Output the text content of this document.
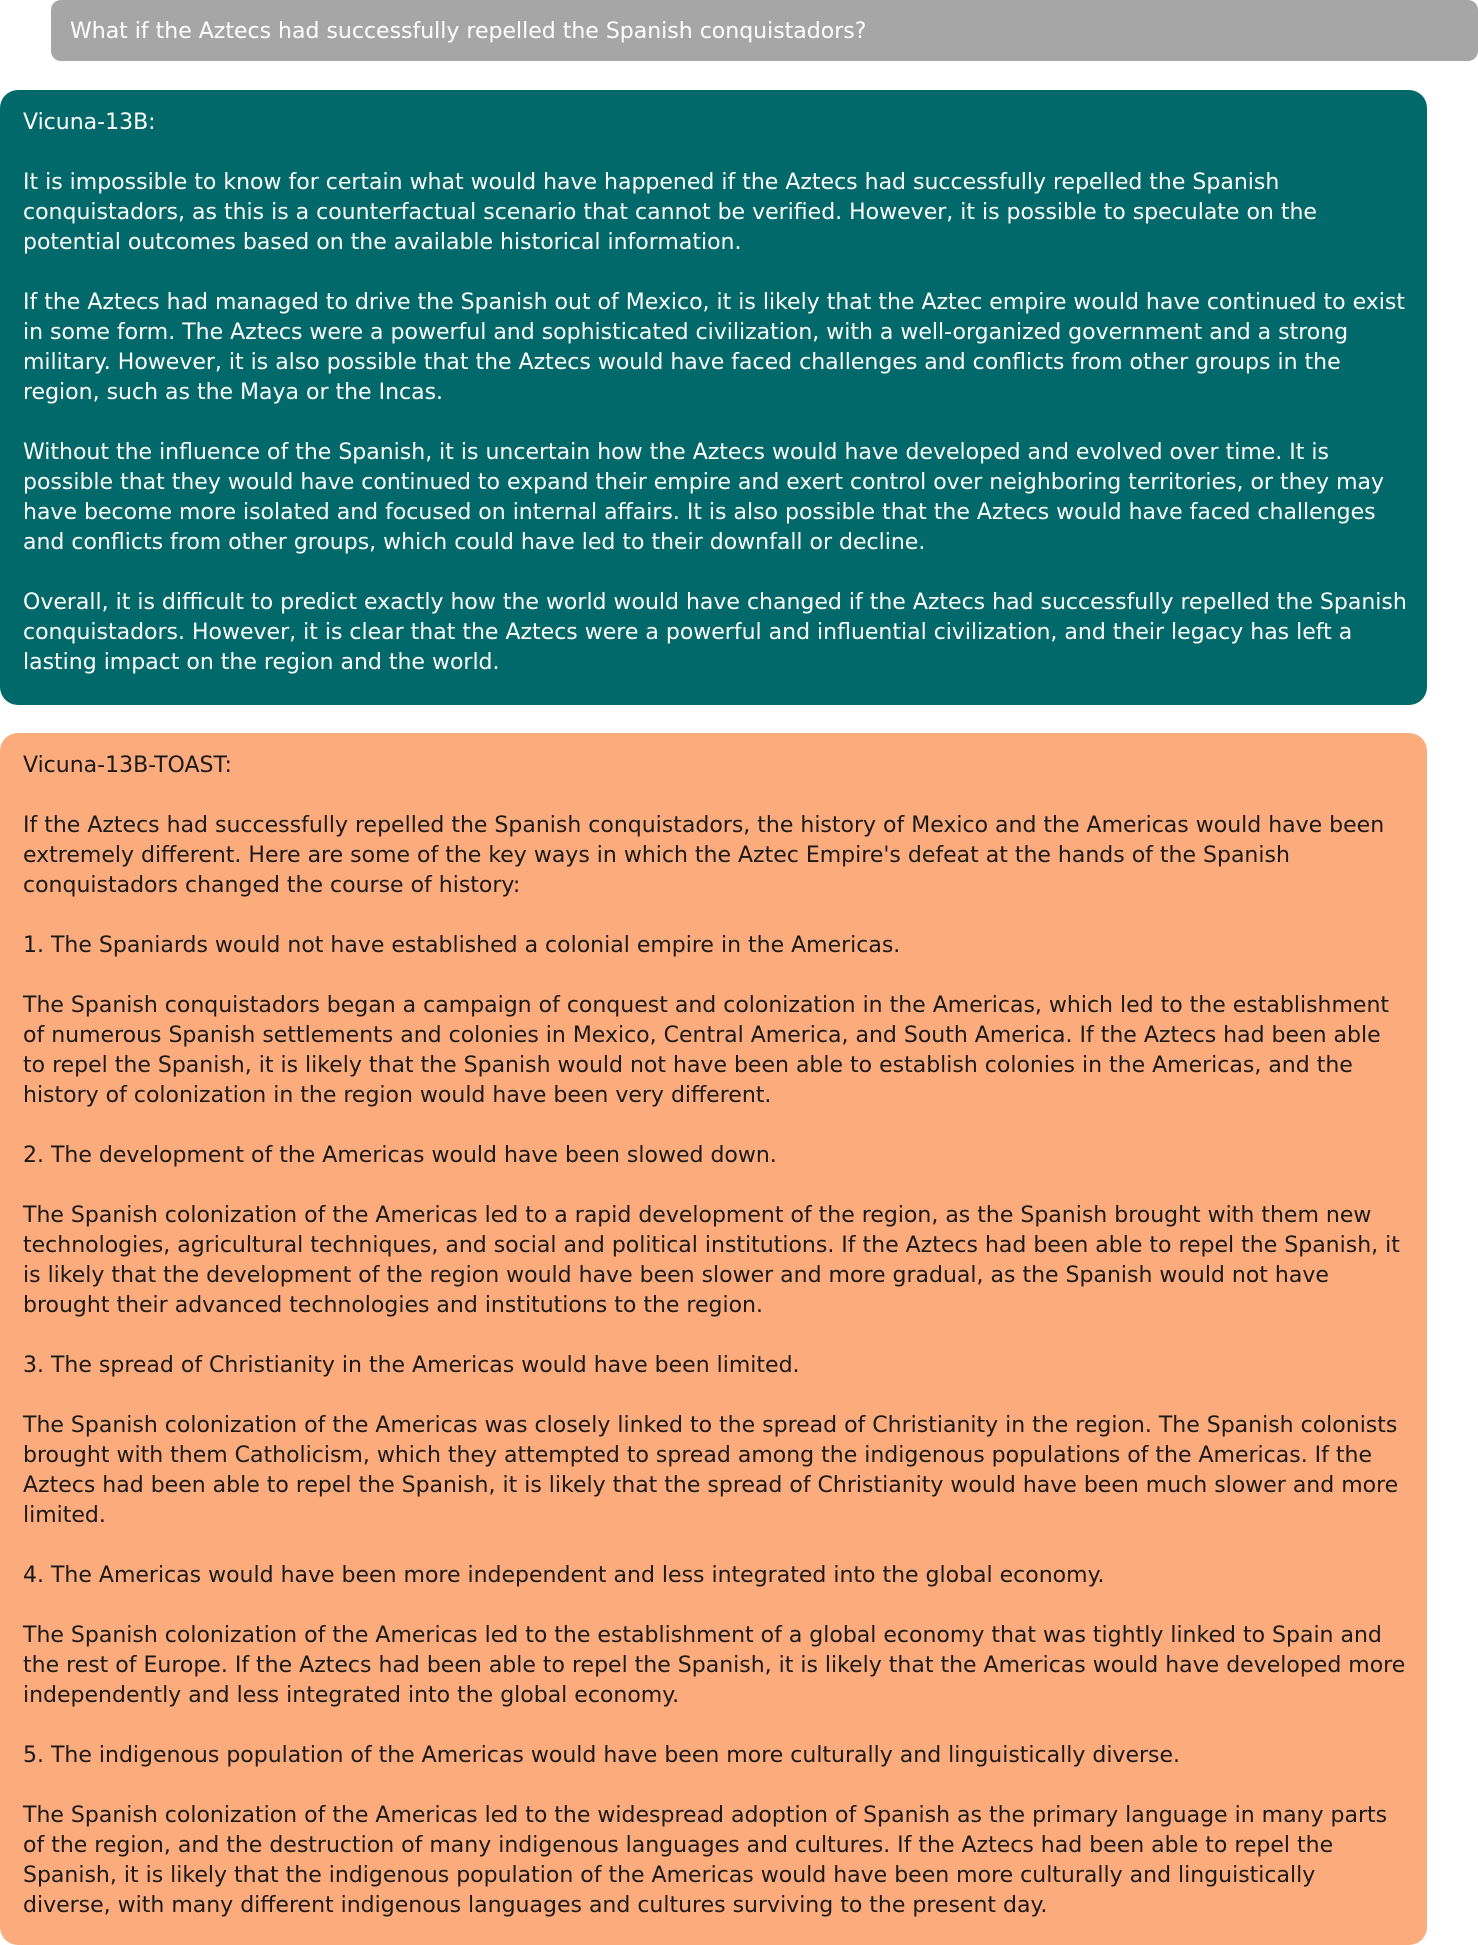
What if the Aztecs had successfully repelled the Spanish conquistadors?

Vicuna-13B:

It is impossible to know for certain what would have happened if the Aztecs had successfully repelled the Spanish conquistadors, as this is a counterfactual scenario that cannot be verified. However, it is possible to speculate on the potential outcomes based on the available historical information.

If the Aztecs had managed to drive the Spanish out of Mexico, it is likely that the Aztec empire would have continued to exist in some form. The Aztecs were a powerful and sophisticated civilization, with a well-organized government and a strong military. However, it is also possible that the Aztecs would have faced challenges and conflicts from other groups in the region, such as the Maya or the Incas.

Without the influence of the Spanish, it is uncertain how the Aztecs would have developed and evolved over time. It is possible that they would have continued to expand their empire and exert control over neighboring territories, or they may have become more isolated and focused on internal affairs. It is also possible that the Aztecs would have faced challenges and conflicts from other groups, which could have led to their downfall or decline.

Overall, it is difficult to predict exactly how the world would have changed if the Aztecs had successfully repelled the Spanish conquistadors. However, it is clear that the Aztecs were a powerful and influential civilization, and their legacy has left a lasting impact on the region and the world.

Vicuna-13B-TOAST:

If the Aztecs had successfully repelled the Spanish conquistadors, the history of Mexico and the Americas would have been extremely different. Here are some of the key ways in which the Aztec Empire's defeat at the hands of the Spanish conquistadors changed the course of history:

1. The Spaniards would not have established a colonial empire in the Americas.

The Spanish conquistadors began a campaign of conquest and colonization in the Americas, which led to the establishment of numerous Spanish settlements and colonies in Mexico, Central America, and South America. If the Aztecs had been able to repel the Spanish, it is likely that the Spanish would not have been able to establish colonies in the Americas, and the history of colonization in the region would have been very different.

2. The development of the Americas would have been slowed down.

The Spanish colonization of the Americas led to a rapid development of the region, as the Spanish brought with them new technologies, agricultural techniques, and social and political institutions. If the Aztecs had been able to repel the Spanish, it is likely that the development of the region would have been slower and more gradual, as the Spanish would not have brought their advanced technologies and institutions to the region.

3. The spread of Christianity in the Americas would have been limited.

The Spanish colonization of the Americas was closely linked to the spread of Christianity in the region. The Spanish colonists brought with them Catholicism, which they attempted to spread among the indigenous populations of the Americas. If the Aztecs had been able to repel the Spanish, it is likely that the spread of Christianity would have been much slower and more limited.

4. The Americas would have been more independent and less integrated into the global economy.

The Spanish colonization of the Americas led to the establishment of a global economy that was tightly linked to Spain and the rest of Europe. If the Aztecs had been able to repel the Spanish, it is likely that the Americas would have developed more independently and less integrated into the global economy.

5. The indigenous population of the Americas would have been more culturally and linguistically diverse.

The Spanish colonization of the Americas led to the widespread adoption of Spanish as the primary language in many parts of the region, and the destruction of many indigenous languages and cultures. If the Aztecs had been able to repel the Spanish, it is likely that the indigenous population of the Americas would have been more culturally and linguistically diverse, with many different indigenous languages and cultures surviving to the present day.
